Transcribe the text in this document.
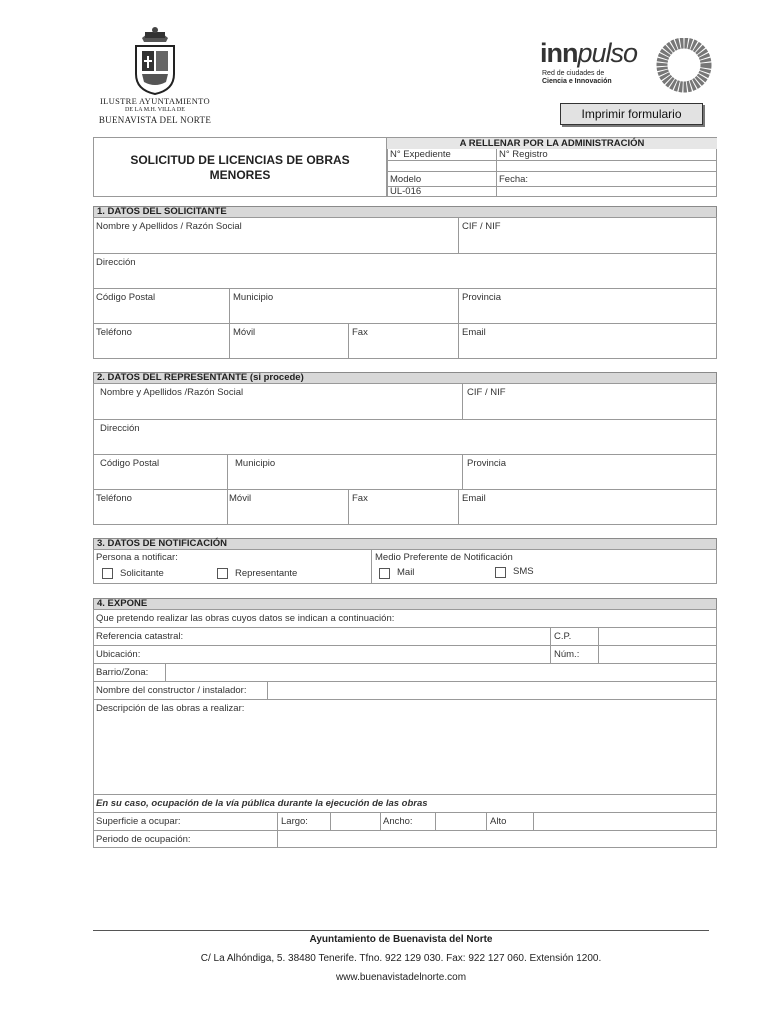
ILUSTRE AYUNTAMIENTO
DE LA M.H. VILLA DE
BUENAVISTA DEL NORTE
innpulso
Red de ciudades de
Ciencia e Innovación
Imprimir formulario
SOLICITUD DE LICENCIAS DE OBRAS
MENORES
A RELLENAR POR LA ADMINISTRACIÓN
N° Expediente	N° Registro
Modelo	Fecha:
UL-016
1. DATOS DEL SOLICITANTE
Nombre y Apellidos / Razón Social	CIF / NIF
Dirección
Código Postal	Municipio	Provincia
Teléfono	Móvil	Fax	Email
2. DATOS DEL REPRESENTANTE (si procede)
Nombre y Apellidos /Razón Social	CIF / NIF
Dirección
Código Postal	Municipio	Provincia
Teléfono	Móvil	Fax	Email
3. DATOS DE NOTIFICACIÓN
Persona a notificar:
Solicitante	Representante
Medio Preferente de Notificación
Mail	SMS
4. EXPONE
Que pretendo realizar las obras cuyos datos se indican a continuación:
Referencia catastral:	C.P.
Ubicación:	Núm.:
Barrio/Zona:
Nombre del constructor / instalador:
Descripción de las obras a realizar:
En su caso, ocupación de la vía pública durante la ejecución de las obras
Superficie a ocupar:	Largo:	Ancho:	Alto
Periodo de ocupación:
Ayuntamiento de Buenavista del Norte
C/ La Alhóndiga, 5. 38480 Tenerife. Tfno. 922 129 030. Fax: 922 127 060. Extensión 1200.
www.buenavistadelnorte.com
